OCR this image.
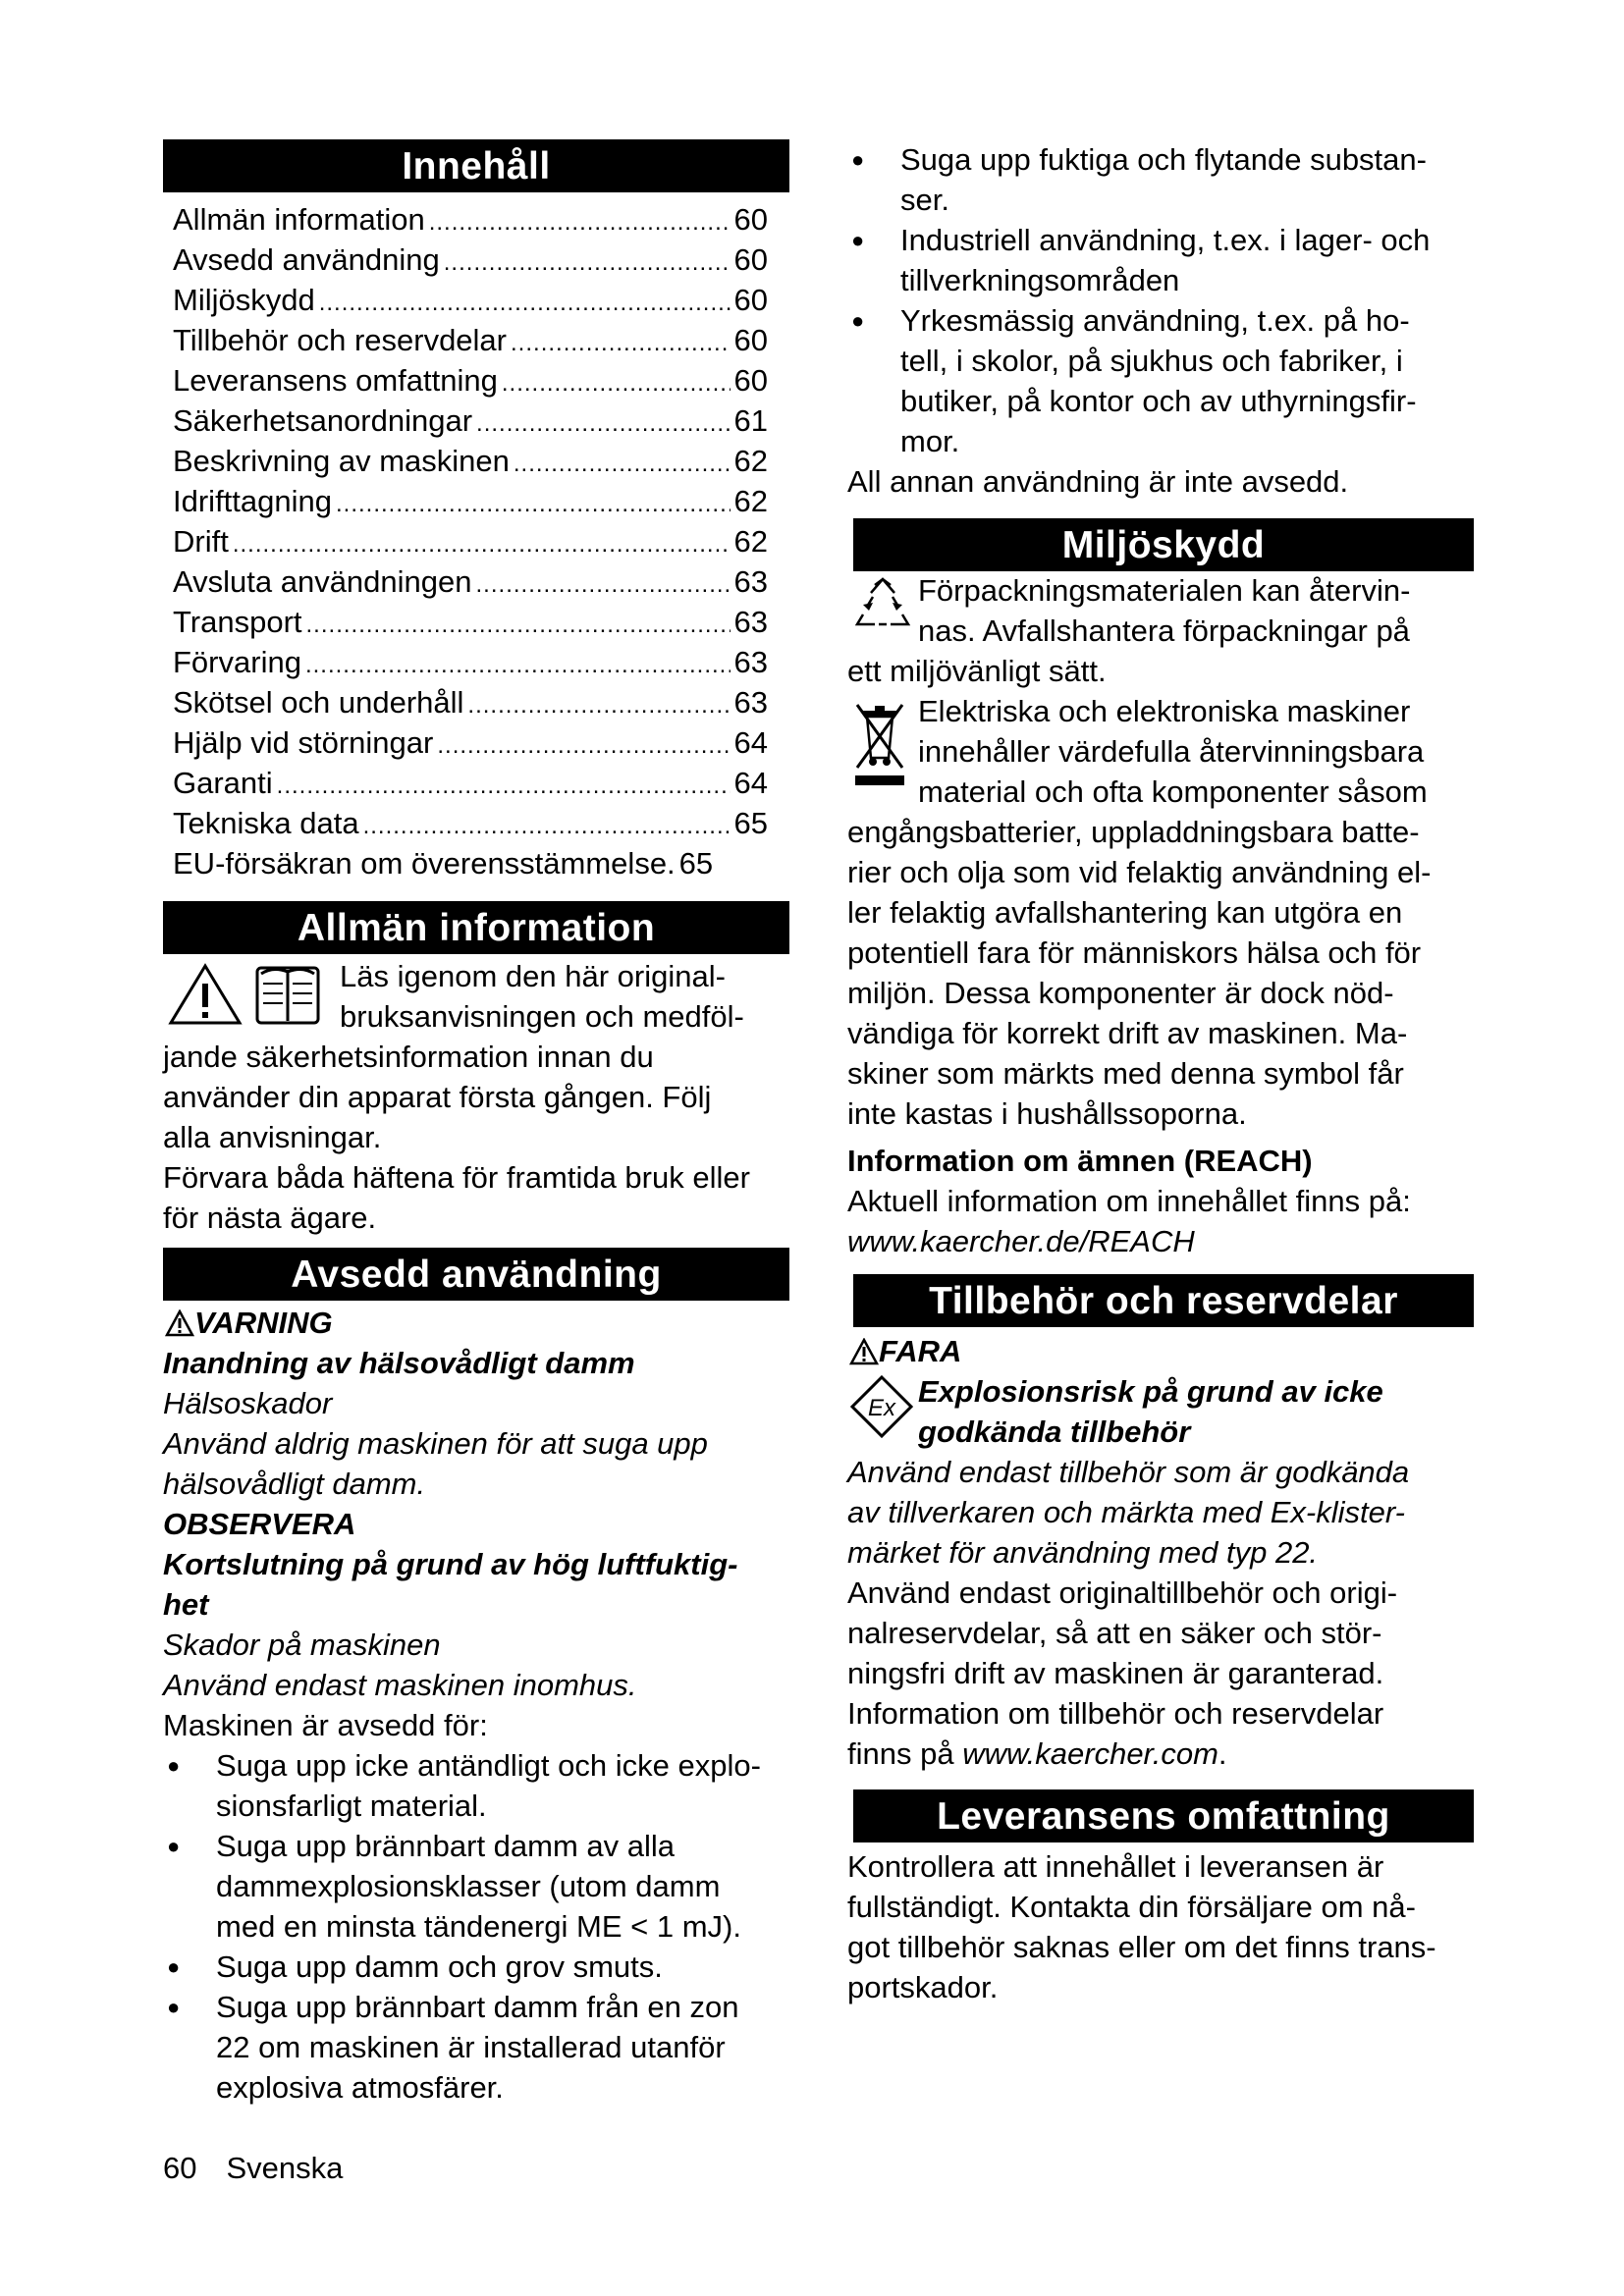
Innehåll
Allmän information .....	60
Avsedd användning .....	60
Miljöskydd .....	60
Tillbehör och reservdelar .....	60
Leveransens omfattning .....	60
Säkerhetsanordningar .....	61
Beskrivning av maskinen .....	62
Idrifttagning .....	62
Drift .....	62
Avsluta användningen .....	63
Transport .....	63
Förvaring .....	63
Skötsel och underhåll .....	63
Hjälp vid störningar .....	64
Garanti .....	64
Tekniska data .....	65
EU-försäkran om överensstämmelse. 65
Allmän information
Läs igenom den här original-
bruksanvisningen och medföl-
jande säkerhetsinformation innan du
använder din apparat första gången. Följ
alla anvisningar.
Förvara båda häftena för framtida bruk eller
för nästa ägare.
Avsedd användning
VARNING
Inandning av hälsovådligt damm
Hälsoskador
Använd aldrig maskinen för att suga upp
hälsovådligt damm.
OBSERVERA
Kortslutning på grund av hög luftfuktig-
het
Skador på maskinen
Använd endast maskinen inomhus.
Maskinen är avsedd för:
● Suga upp icke antändligt och icke explo-
sionsfarligt material.
● Suga upp brännbart damm av alla
dammexplosionsklasser (utom damm
med en minsta tändenergi ME < 1 mJ).
● Suga upp damm och grov smuts.
● Suga upp brännbart damm från en zon
22 om maskinen är installerad utanför
explosiva atmosfärer.
● Suga upp fuktiga och flytande substan-
ser.
● Industriell användning, t.ex. i lager- och
tillverkningsområden
● Yrkesmässig användning, t.ex. på ho-
tell, i skolor, på sjukhus och fabriker, i
butiker, på kontor och av uthyrningsfir-
mor.
All annan användning är inte avsedd.
Miljöskydd
Förpackningsmaterialen kan återvin-
nas. Avfallshantera förpackningar på
ett miljövänligt sätt.
Elektriska och elektroniska maskiner
innehåller värdefulla återvinningsbara
material och ofta komponenter såsom
engångsbatterier, uppladdningsbara batte-
rier och olja som vid felaktig användning el-
ler felaktig avfallshantering kan utgöra en
potentiell fara för människors hälsa och för
miljön. Dessa komponenter är dock nöd-
vändiga för korrekt drift av maskinen. Ma-
skiner som märkts med denna symbol får
inte kastas i hushållssoporna.
Information om ämnen (REACH)
Aktuell information om innehållet finns på:
www.kaercher.de/REACH
Tillbehör och reservdelar
FARA
Ex Explosionsrisk på grund av icke
godkända tillbehör
Använd endast tillbehör som är godkända
av tillverkaren och märkta med Ex-klister-
märket för användning med typ 22.
Använd endast originaltillbehör och origi-
nalreservdelar, så att en säker och stör-
ningsfri drift av maskinen är garanterad.
Information om tillbehör och reservdelar
finns på www.kaercher.com.
Leveransens omfattning
Kontrollera att innehållet i leveransen är
fullständigt. Kontakta din försäljare om nå-
got tillbehör saknas eller om det finns trans-
portskador.
60 Svenska
